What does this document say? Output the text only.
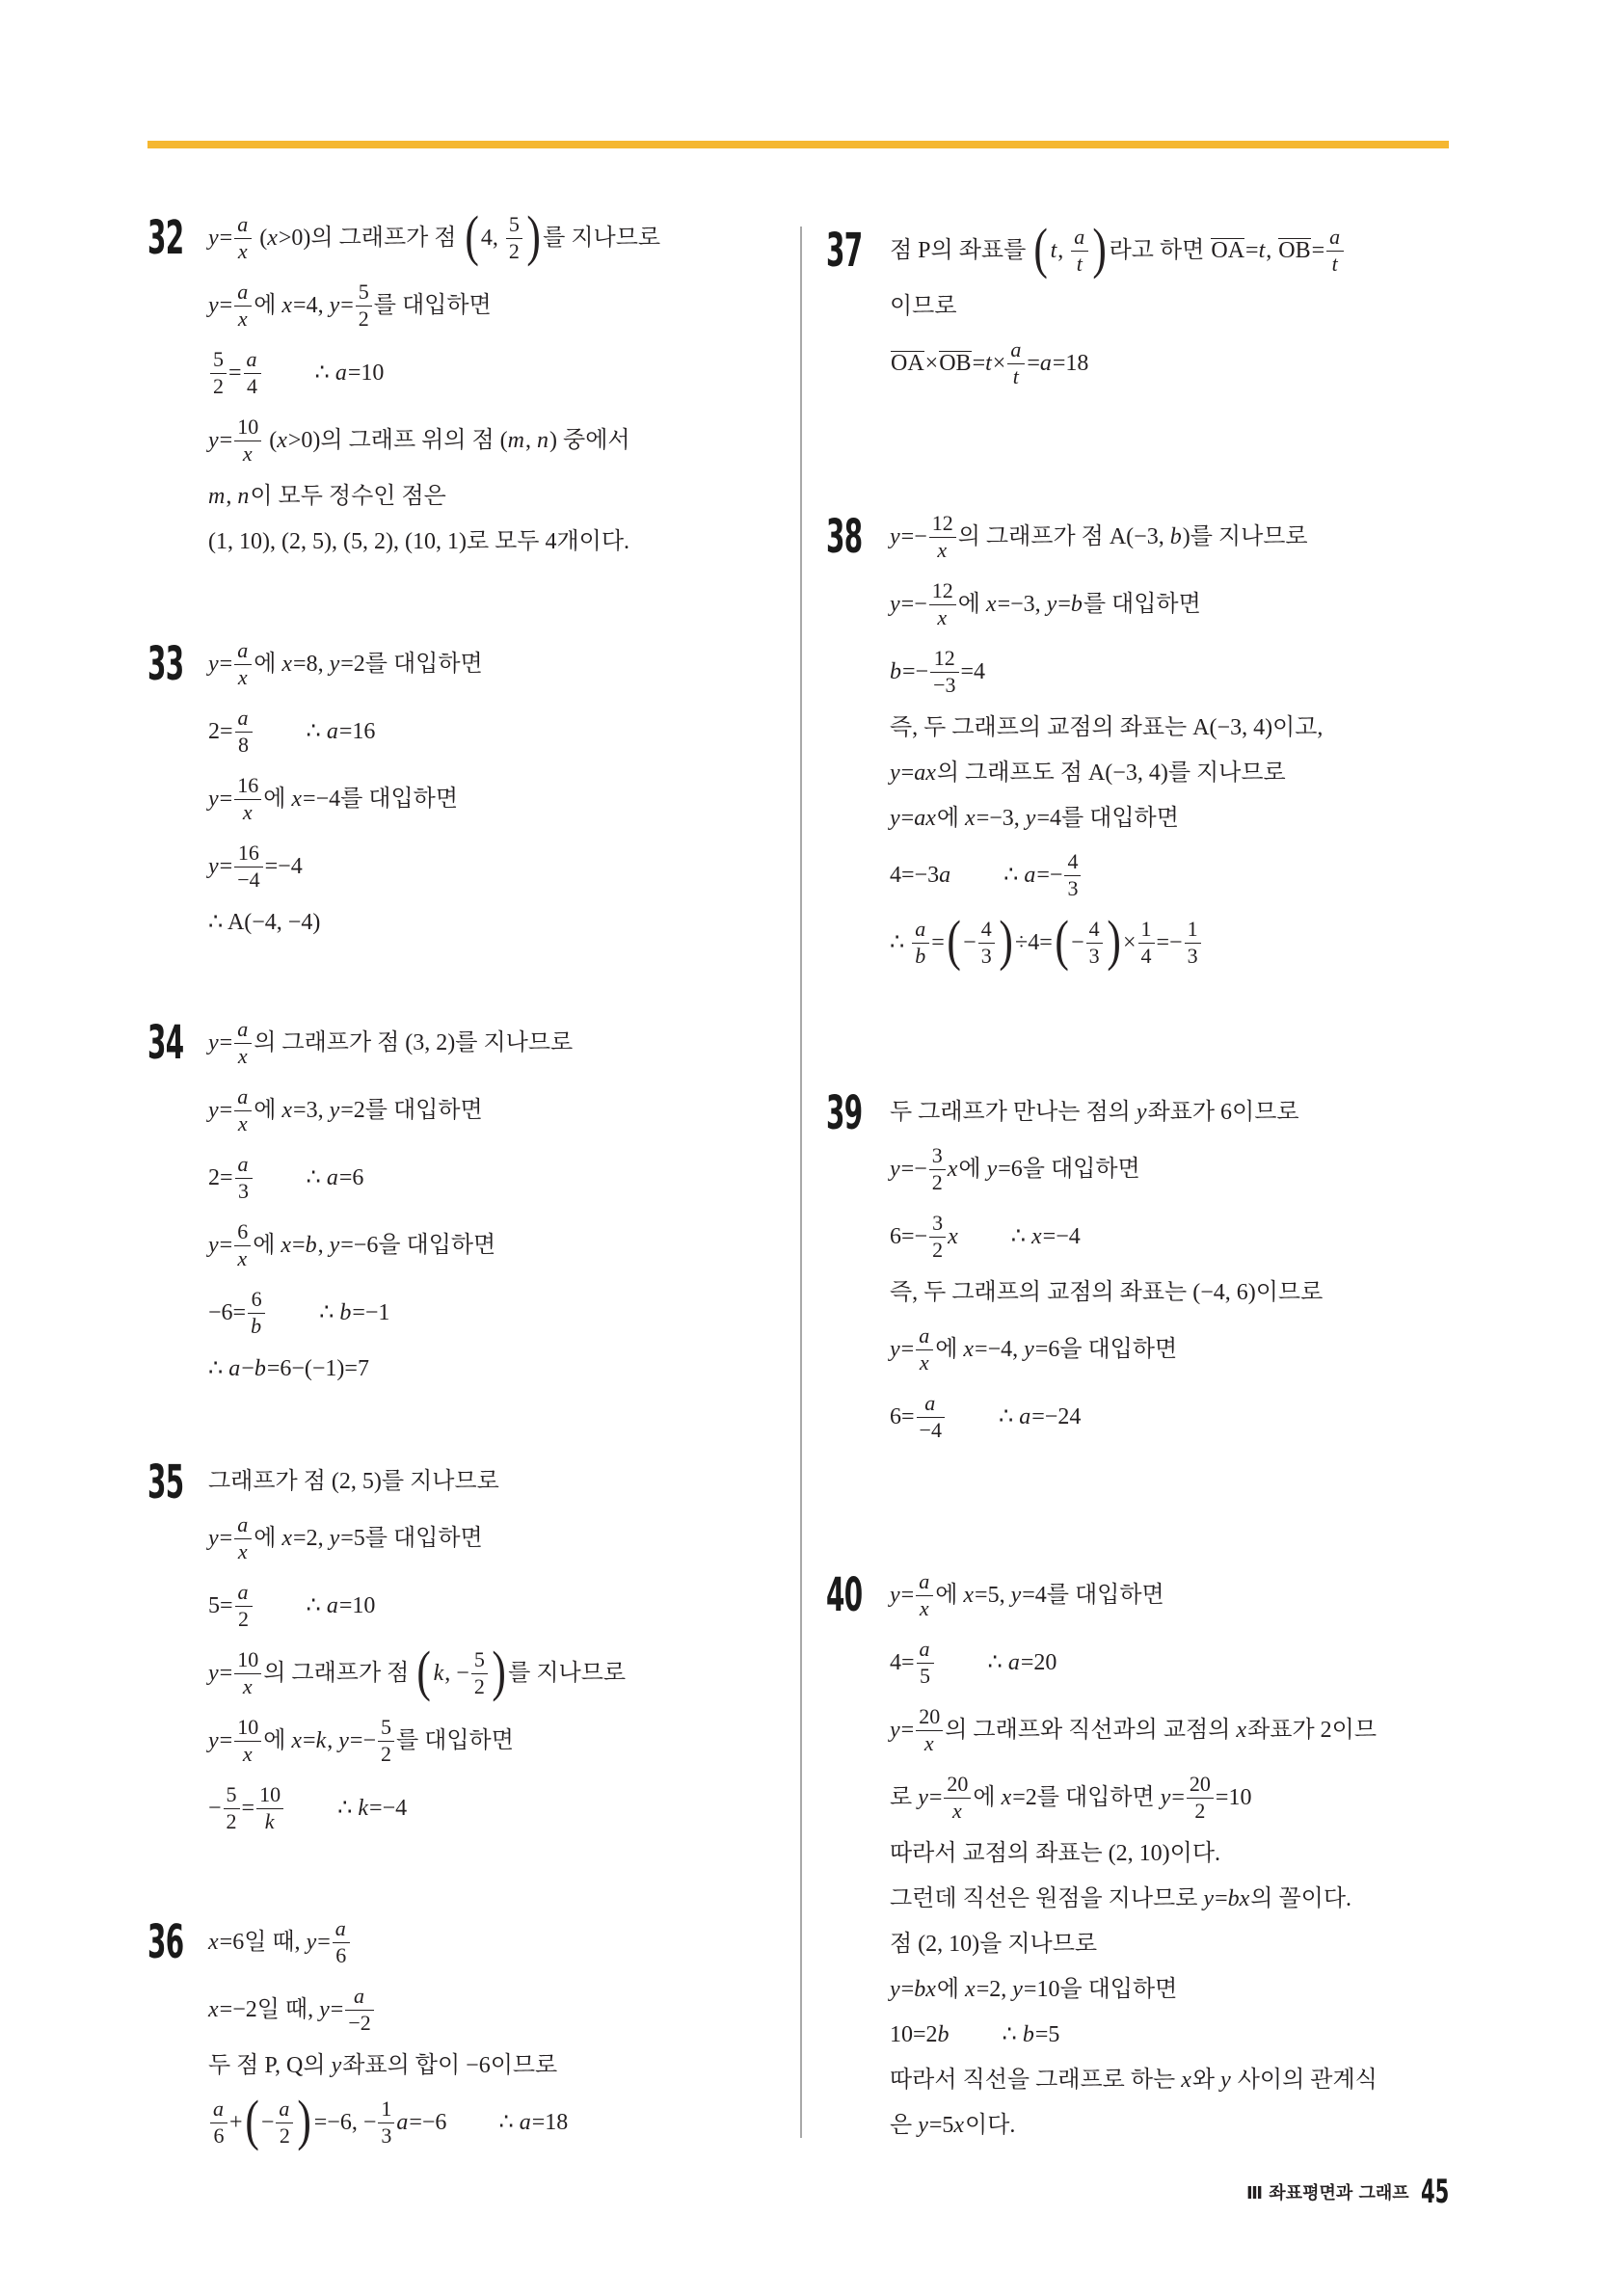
32 $y = \frac{a}{x}$ ( x >0)의 그래프가 점 ( 4, $\frac{5}{2}$ ) 를 지나므로
$y = \frac{a}{x}$ 에 x =4, $y = \frac{5}{2}$ 를 대입하면
$\frac{5}{2} = \frac{a}{4}$ ∴ a =10
$y = \frac{10}{x}$ ( x >0)의 그래프 위의 점 ( m , n ) 중에서
m , n 이 모두 정수인 점은
(1, 10), (2, 5), (5, 2), (10, 1)로 모두 4개이다.
33 $y = \frac{a}{x}$ 에 x =8, y =2를 대입하면
$2= \frac{a}{8}$ ∴ a =16
$y = \frac{16}{x}$ 에 x =−4를 대입하면
$y = \frac{16}{-4} =-4$
∴ A(−4, −4)
34 $y = \frac{a}{x}$ 의 그래프가 점 (3, 2)를 지나므로
$y = \frac{a}{x}$ 에 x =3, y =2를 대입하면
$2= \frac{a}{3}$ ∴ a =6
$y = \frac{6}{x}$ 에 x = b , y =−6을 대입하면
$-6= \frac{6}{b}$ ∴ b =−1
∴ a − b =6−(−1)=7
35 그래프가 점 (2, 5)를 지나므로
$y = \frac{a}{x}$ 에 x =2, y =5를 대입하면
$5= \frac{a}{2}$ ∴ a =10
$y = \frac{10}{x}$ 의 그래프가 점 ( k , − $\frac{5}{2}$ ) 를 지나므로
$y = \frac{10}{x}$ 에 x = k , $y =- \frac{5}{2}$ 를 대입하면
− $\frac{5}{2} = \frac{10}{k}$ ∴ k =−4
36 x =6일 때, $y = \frac{a}{6}$
x =−2일 때, $y = \frac{a}{-2}$
두 점 P, Q의 y 좌표의 합이 −6이므로
$\frac{a}{6}$ + ( − $\frac{a}{2}$ ) =−6, − $\frac{1}{3}$ a =−6 ∴ a =18
37 점 P의 좌표를 ( t , $\frac{a}{t}$ ) 라고 하면 OA = t , OB = $\frac{a}{t}$
이므로
OA × OB = $t \times \frac{a}{t} = a =18$
38 $y =- \frac{12}{x}$ 의 그래프가 점 A(−3, b )를 지나므로
$y =- \frac{12}{x}$ 에 x =−3, y = b 를 대입하면
$b =- \frac{12}{-3} =4$
즉, 두 그래프의 교점의 좌표는 A(−3, 4)이고,
y = ax 의 그래프도 점 A(−3, 4)를 지나므로
y = ax 에 x =−3, y =4를 대입하면
4=−3 a ∴ $a =- \frac{4}{3}$
∴ $\frac{a}{b}$ = ( − $\frac{4}{3}$ ) ÷4= ( − $\frac{4}{3}$ ) × $\frac{1}{4} =- \frac{1}{3}$
39 두 그래프가 만나는 점의 y 좌표가 6이므로
$y =- \frac{3}{2}$ x 에 y =6을 대입하면
$6=- \frac{3}{2}$ x ∴ x =−4
즉, 두 그래프의 교점의 좌표는 (−4, 6)이므로
$y = \frac{a}{x}$ 에 x =−4, y =6을 대입하면
$6= \frac{a}{-4}$ ∴ a =−24
40 $y = \frac{a}{x}$ 에 x =5, y =4를 대입하면
$4= \frac{a}{5}$ ∴ a =20
$y = \frac{20}{x}$ 의 그래프와 직선과의 교점의 x 좌표가 2이므
로 $y = \frac{20}{x}$ 에 x =2를 대입하면 $y = \frac{20}{2} =10$
따라서 교점의 좌표는 (2, 10)이다.
그런데 직선은 원점을 지나므로 y = bx 의 꼴이다.
점 (2, 10)을 지나므로
y = bx 에 x =2, y =10을 대입하면
10=2 b ∴ b =5
따라서 직선을 그래프로 하는 x 와 y 사이의 관계식
은 y =5 x 이다.
Ⅲ 좌표평면과 그래프 45
